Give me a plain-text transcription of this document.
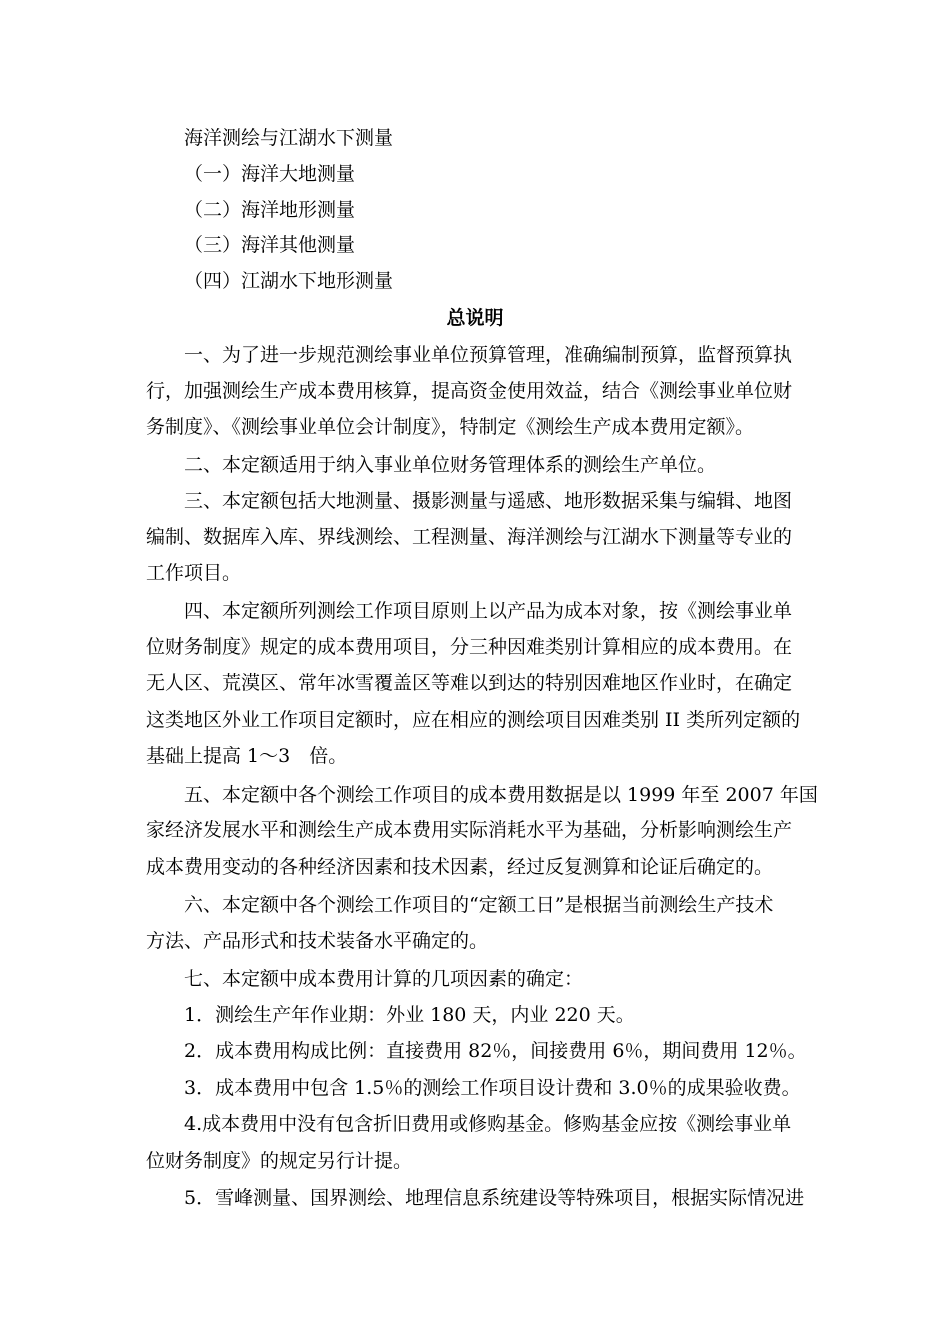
海洋测绘与江湖水下测量
（一）海洋大地测量
（二）海洋地形测量
（三）海洋其他测量
（四）江湖水下地形测量
总说明
一、为了进一步规范测绘事业单位预算管理，准确编制预算，监督预算执
行，加强测绘生产成本费用核算，提高资金使用效益，结合《测绘事业单位财
务制度》、《测绘事业单位会计制度》，特制定《测绘生产成本费用定额》。
二、本定额适用于纳入事业单位财务管理体系的测绘生产单位。
三、本定额包括大地测量、摄影测量与遥感、地形数据采集与编辑、地图
编制、数据库入库、界线测绘、工程测量、海洋测绘与江湖水下测量等专业的
工作项目。
四、本定额所列测绘工作项目原则上以产品为成本对象，按《测绘事业单
位财务制度》规定的成本费用项目，分三种因难类别计算相应的成本费用。在
无人区、荒漠区、常年冰雪覆盖区等难以到达的特别因难地区作业时，在确定
这类地区外业工作项目定额时，应在相应的测绘项目因难类别 II 类所列定额的
基础上提高 1～3　倍。
五、本定额中各个测绘工作项目的成本费用数据是以 1999 年至 2007 年国
家经济发展水平和测绘生产成本费用实际消耗水平为基础，分析影响测绘生产
成本费用变动的各种经济因素和技术因素，经过反复测算和论证后确定的。
六、本定额中各个测绘工作项目的“定额工日”是根据当前测绘生产技术
方法、产品形式和技术装备水平确定的。
七、本定额中成本费用计算的几项因素的确定：
1．测绘生产年作业期：外业 180 天，内业 220 天。
2．成本费用构成比例：直接费用 82％，间接费用 6％，期间费用 12％。
3．成本费用中包含 1.5％的测绘工作项目设计费和 3.0％的成果验收费。
4.成本费用中没有包含折旧费用或修购基金。修购基金应按《测绘事业单
位财务制度》的规定另行计提。
5．雪峰测量、国界测绘、地理信息系统建设等特殊项目，根据实际情况进
